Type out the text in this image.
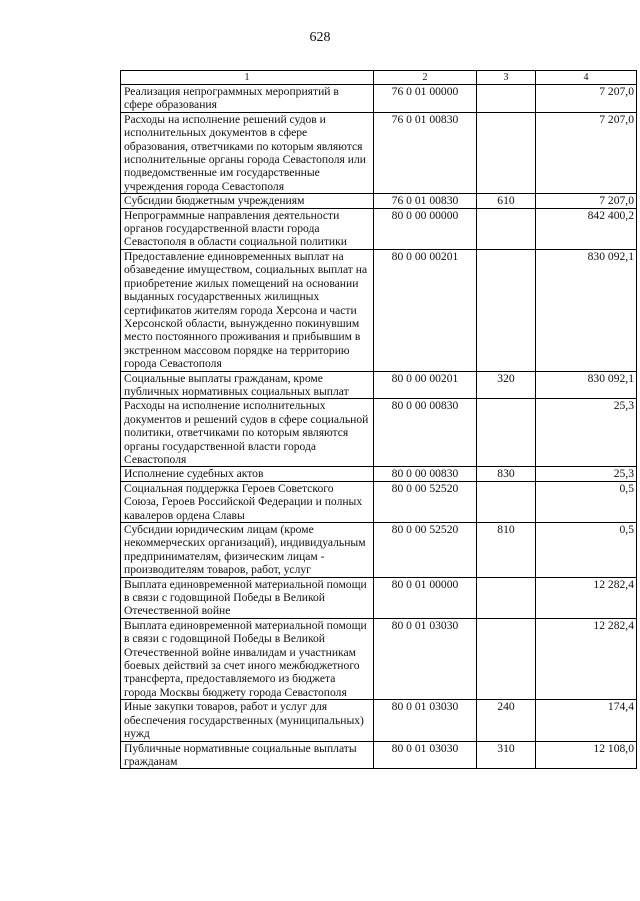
628
1	2	3	4
Реализация непрограммных мероприятий в сфере образования	76 0 01 00000		7 207,0
Расходы на исполнение решений судов и исполнительных документов в сфере образования, ответчиками по которым являются исполнительные органы города Севастополя или подведомственные им государственные учреждения города Севастополя	76 0 01 00830		7 207,0
Субсидии бюджетным учреждениям	76 0 01 00830	610	7 207,0
Непрограммные направления деятельности органов государственной власти города Севастополя в области социальной политики	80 0 00 00000		842 400,2
Предоставление единовременных выплат на обзаведение имуществом, социальных выплат на приобретение жилых помещений на основании выданных государственных жилищных сертификатов жителям города Херсона и части Херсонской области, вынужденно покинувшим место постоянного проживания и прибывшим в экстренном массовом порядке на территорию города Севастополя	80 0 00 00201		830 092,1
Социальные выплаты гражданам, кроме публичных нормативных социальных выплат	80 0 00 00201	320	830 092,1
Расходы на исполнение исполнительных документов и решений судов в сфере социальной политики, ответчиками по которым являются органы государственной власти города Севастополя	80 0 00 00830		25,3
Исполнение судебных актов	80 0 00 00830	830	25,3
Социальная поддержка Героев Советского Союза, Героев Российской Федерации и полных кавалеров ордена Славы	80 0 00 52520		0,5
Субсидии юридическим лицам (кроме некоммерческих организаций), индивидуальным предпринимателям, физическим лицам - производителям товаров, работ, услуг	80 0 00 52520	810	0,5
Выплата единовременной материальной помощи в связи с годовщиной Победы в Великой Отечественной войне	80 0 01 00000		12 282,4
Выплата единовременной материальной помощи в связи с годовщиной Победы в Великой Отечественной войне инвалидам и участникам боевых действий за счет иного межбюджетного трансферта, предоставляемого из бюджета города Москвы бюджету города Севастополя	80 0 01 03030		12 282,4
Иные закупки товаров, работ и услуг для обеспечения государственных (муниципальных) нужд	80 0 01 03030	240	174,4
Публичные нормативные социальные выплаты гражданам	80 0 01 03030	310	12 108,0
